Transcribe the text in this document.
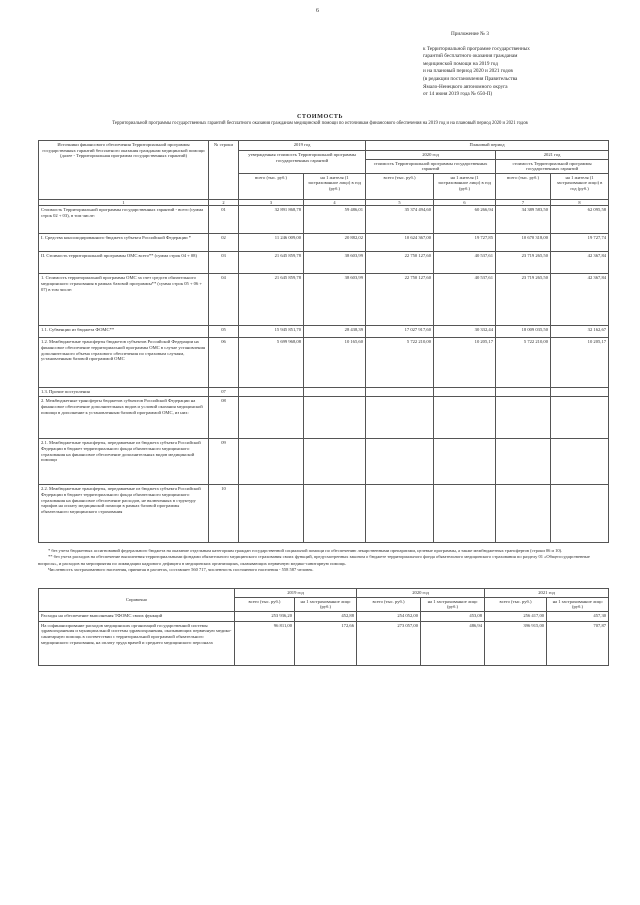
6
Приложение № 3
к Территориальной программе государственных
гарантий бесплатного оказания гражданам
медицинской помощи на 2019 год
и на плановый период 2020 и 2021 годов
(в редакции постановления Правительства
Ямало-Ненецкого автономного округа
от 14 июня 2019 года № 650-П)
СТОИМОСТЬ
Территориальной программы государственных гарантий бесплатного оказания гражданам медицинской помощи по источникам финансового обеспечения на 2019 год и на плановый период 2020 и 2021 годов
Источники финансового обеспечения Территориальной программы государственных гарантий бесплатного оказания гражданам медицинской помощи (далее - Территориальная программа государственных гарантий)	№ строки	2019 год		Плановый период			
		утвержденная стоимость Территориальной программы государственных гарантий		2020 год		2021 год	
				стоимость Территориальной программы государственных гарантий		стоимость Территориальной программы государственных гарантий	
		всего (тыс. руб.)	на 1 жителя (1 застрахованное лицо) в год (руб.)	всего (тыс. руб.)	на 1 жителя (1 застрахованное лицо) в год (руб.)	всего (тыс. руб.)	на 1 жителя (1 застрахованное лицо) в год (руб.)
1	2	3	4	5	6	7	8
Стоимость Территориальной программы государственных гарантий - всего (сумма строк 02 + 03), в том числе:	01	32 891 868,78	59 486,01	35 374 494,60	60 266,94	34 389 583,50	62 095,58
I. Средства консолидированного бюджета субъекта Российской Федерации *	02	11 246 009,00	20 882,02	10 624 367,00	19 727,85	10 670 318,00	19 727,74
II. Стоимость территориальной программы ОМС всего** (сумма строк 04 + 08)	03	21 645 859,78	38 603,99	22 750 127,60	40 537,61	23 719 265,50	42 367,84
1. Стоимость территориальной программы ОМС за счет средств обязательного медицинского страхования в рамках базовой программы** (сумма строк 05 + 06 + 07) в том числе:	04	21 645 859,78	38 603,99	22 750 127,60	40 537,61	23 719 265,50	42 367,84
1.1. Субвенции из бюджета ФОМС**	05	15 945 851,70	28 438,39	17 027 917,60	30 332,44	18 009 035,50	32 162,67
1.2. Межбюджетные трансферты бюджетов субъектов Российской Федерации на финансовое обеспечение территориальной программы ОМС в случае установления дополнительного объема страхового обеспечения по страховым случаям, установленным базовой программой ОМС	06	5 699 968,08	10 165,60	5 722 210,00	10 205,17	5 722 210,00	10 205,17
1.3. Прочие поступления	07						
2. Межбюджетные трансферты бюджетов субъектов Российской Федерации на финансовое обеспечение дополнительных видов и условий оказания медицинской помощи в дополнение к установленным базовой программой ОМС, из них:	08						
2.1. Межбюджетные трансферты, передаваемые из бюджета субъекта Российской Федерации в бюджет территориального фонда обязательного медицинского страхования на финансовое обеспечение дополнительных видов медицинской помощи	09						
2.2. Межбюджетные трансферты, передаваемые из бюджета субъекта Российской Федерации в бюджет территориального фонда обязательного медицинского страхования на финансовое обеспечение расходов, не включенных в структуру тарифов на оплату медицинской помощи в рамках базовой программы обязательного медицинского страхования	10						

* без учета бюджетных ассигнований федерального бюджета на оказание отдельным категориям граждан государственной социальной помощи по обеспечению лекарственными препаратами, целевые программы, а также межбюджетных трансфертов (строки 06 и 10).

** без учета расходов на обеспечение выполнения территориальными фондами обязательного медицинского страхования своих функций, предусмотренных законом о бюджете территориального фонда обязательного медицинского страхования по разделу 01 «Общегосударственные вопросы», и расходов на мероприятия по ликвидации кадрового дефицита в медицинских организациях, оказывающих первичную медико-санитарную помощь.

Численность застрахованного населения, принятая в расчетах, составляет 560 717, численность постоянного населения - 558 587 человек.

Справочно	2019 год		2020 год		2021 год	
	всего (тыс. руб.)	на 1 застрахованное лицо (руб.)	всего (тыс. руб.)	на 1 застрахованное лицо (руб.)	всего (тыс. руб.)	на 1 застрахованное лицо (руб.)
Расходы на обеспечение выполнения ТФОМС своих функций	253 936,20	452,88	254 052,00	453,08	256 417,00	457,30
На софинансирование расходов медицинских организаций государственной системы здравоохранения и муниципальной системы здравоохранения, оказывающих первичную медико-санитарную помощь в соответствии с территориальной программой обязательного медицинского страхования, на оплату труда врачей и среднего медицинского персонала	96 811,00	172,66	273 057,00	486,94	396 915,00	707,87
